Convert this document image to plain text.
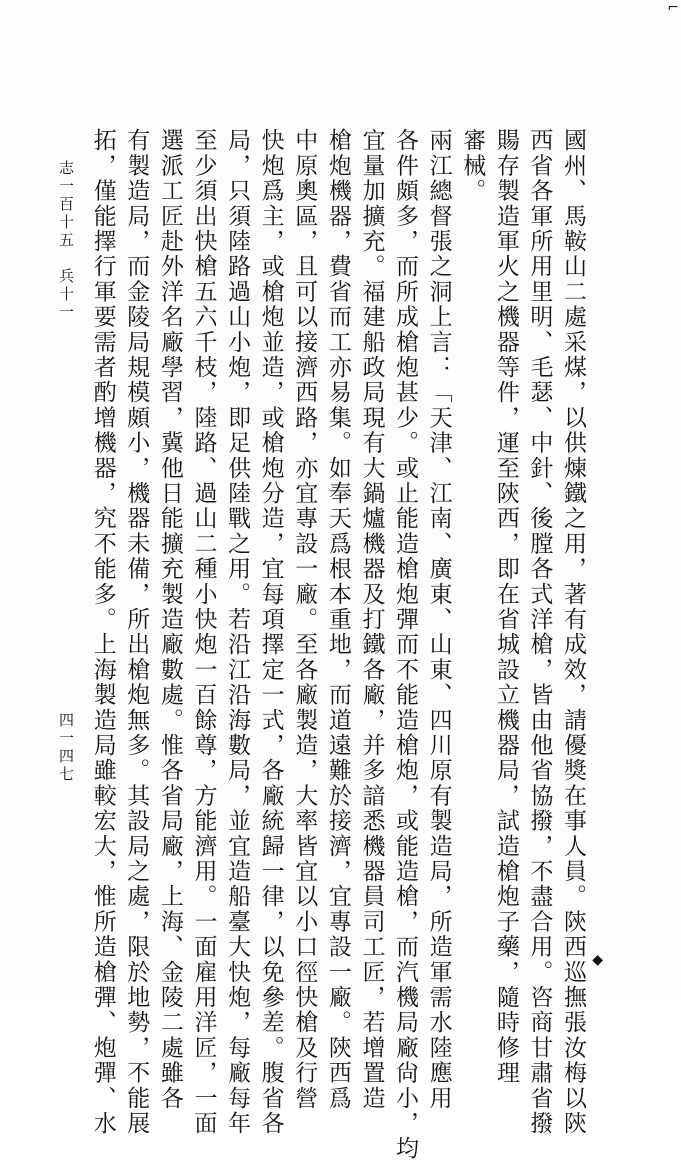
⌐
國州、馬鞍山二處采煤，以供煉鐵之用，著有成效，請優獎在事人員。陝西巡撫張汝梅以陝
西省各軍所用里明、毛瑟、中針、後膛各式洋槍，皆由他省協撥，不盡合用。咨商甘肅省撥
𧶽存製造軍火之機器等件，運至陝西，即在省城設立機器局，試造槍炮子藥，隨時修理
審械。
兩江總督張之洞上言：「天津、江南、廣東、山東、四川原有製造局，所造軍需水陸應用
各件頗多，而所成槍炮甚少。或止能造槍炮彈而不能造槍炮，或能造槍，而汽機局廠尙小，均
宜量加擴充。福建船政局現有大鍋爐機器及打鐵各廠，并多諳悉機器員司工匠，若增置造
槍炮機器，費省而工亦易集。如奉天爲根本重地，而道遠難於接濟，宜專設一廠。陝西爲
中原奧區，且可以接濟西路，亦宜專設一廠。至各廠製造，大率皆宜以小口徑快槍及行營
快炮爲主，或槍炮並造，或槍炮分造，宜每項擇定一式，各廠統歸一律，以免參差。腹省各
局，只須陸路過山小炮，即足供陸戰之用。若沿江沿海數局，並宜造船臺大快炮，每廠每年
至少須出快槍五六千枝，陸路、過山二種小快炮一百餘尊，方能濟用。一面雇用洋匠，一面
選派工匠赴外洋名廠學習，冀他日能擴充製造廠數處。惟各省局廠，上海、金陵二處雖各
有製造局，而金陵局規模頗小，機器未備，所出槍炮無多。其設局之處，限於地勢，不能展
拓，僅能擇行軍要需者酌增機器，究不能多。上海製造局雖較宏大，惟所造槍彈、炮彈、水
志一百十五　兵十一
四一四七
◆
